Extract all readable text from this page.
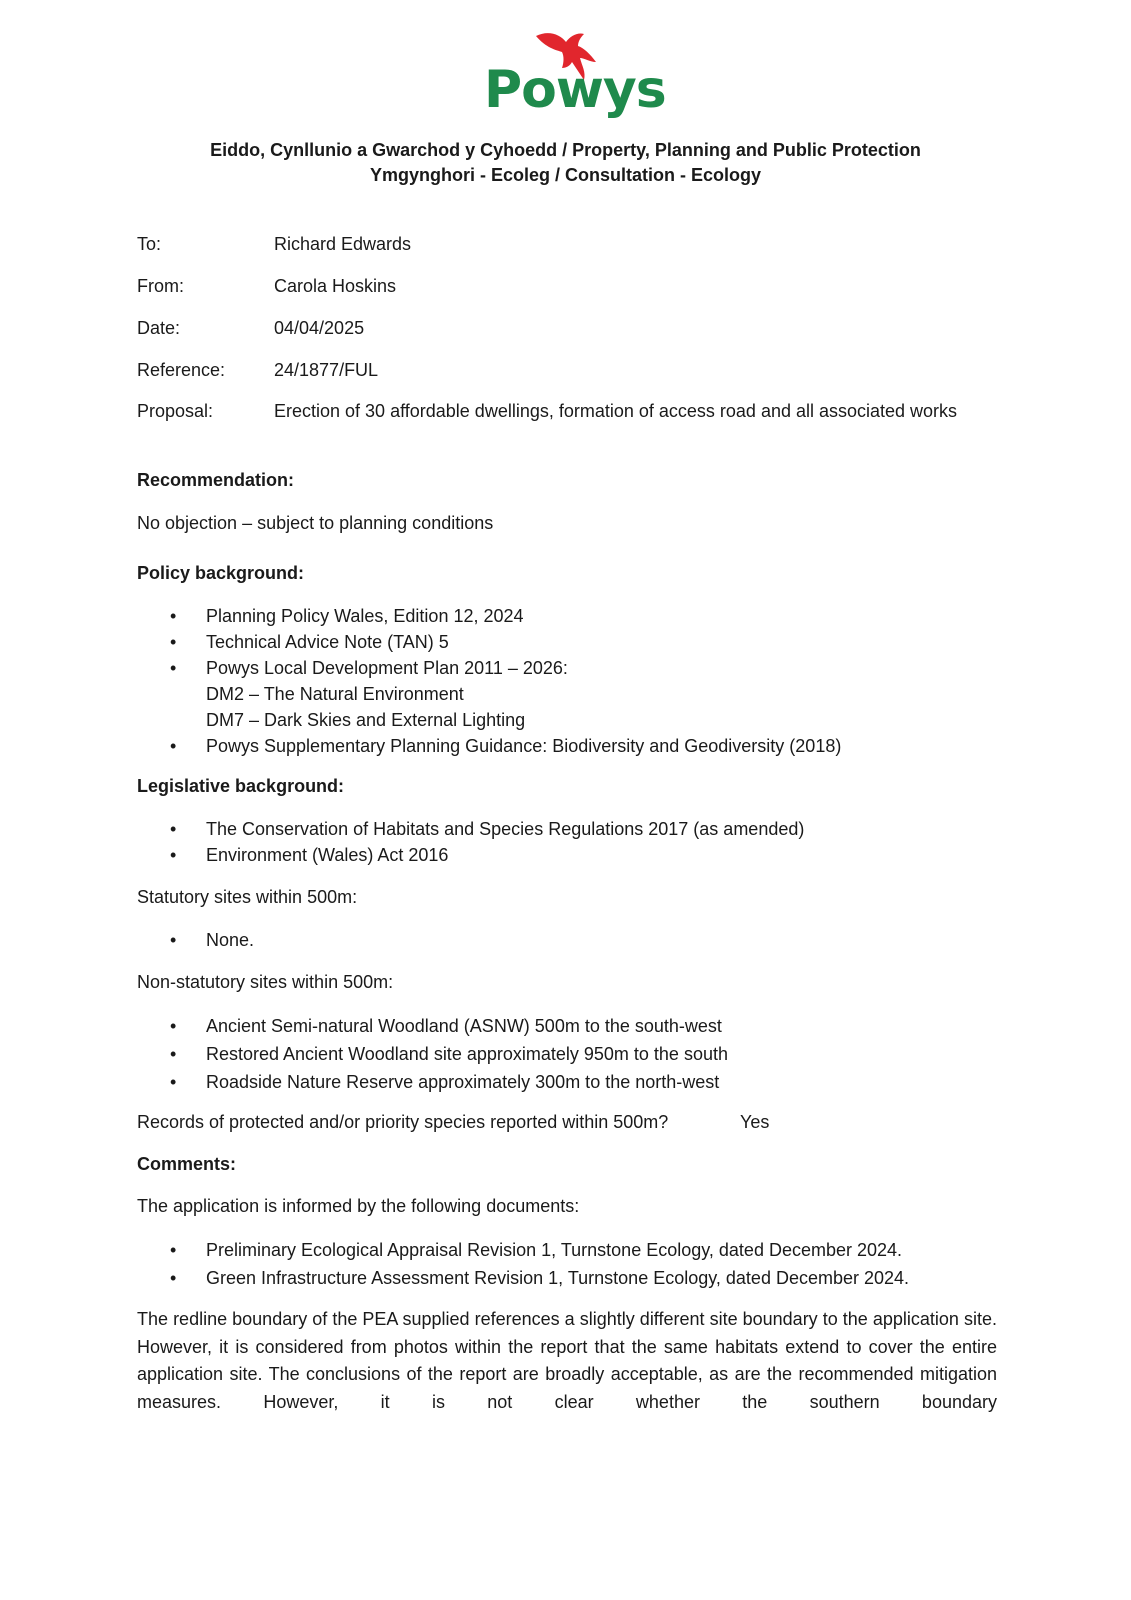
Powys
Eiddo, Cynllunio a Gwarchod y Cyhoedd / Property, Planning and Public Protection
Ymgynghori - Ecoleg / Consultation - Ecology
To:	Richard Edwards
From:	Carola Hoskins
Date:	04/04/2025
Reference:	24/1877/FUL
Proposal:	Erection of 30 affordable dwellings, formation of access road and all associated works
Recommendation:
No objection – subject to planning conditions
Policy background:
• Planning Policy Wales, Edition 12, 2024
• Technical Advice Note (TAN) 5
• Powys Local Development Plan 2011 – 2026:
DM2 – The Natural Environment
DM7 – Dark Skies and External Lighting
• Powys Supplementary Planning Guidance: Biodiversity and Geodiversity (2018)
Legislative background:
• The Conservation of Habitats and Species Regulations 2017 (as amended)
• Environment (Wales) Act 2016
Statutory sites within 500m:
• None.
Non-statutory sites within 500m:
• Ancient Semi-natural Woodland (ASNW) 500m to the south-west
• Restored Ancient Woodland site approximately 950m to the south
• Roadside Nature Reserve approximately 300m to the north-west
Records of protected and/or priority species reported within 500m?	Yes
Comments:
The application is informed by the following documents:
• Preliminary Ecological Appraisal Revision 1, Turnstone Ecology, dated December 2024.
• Green Infrastructure Assessment Revision 1, Turnstone Ecology, dated December 2024.
The redline boundary of the PEA supplied references a slightly different site boundary to the application site. However, it is considered from photos within the report that the same habitats extend to cover the entire application site. The conclusions of the report are broadly acceptable, as are the recommended mitigation measures. However, it is not clear whether the southern boundary
